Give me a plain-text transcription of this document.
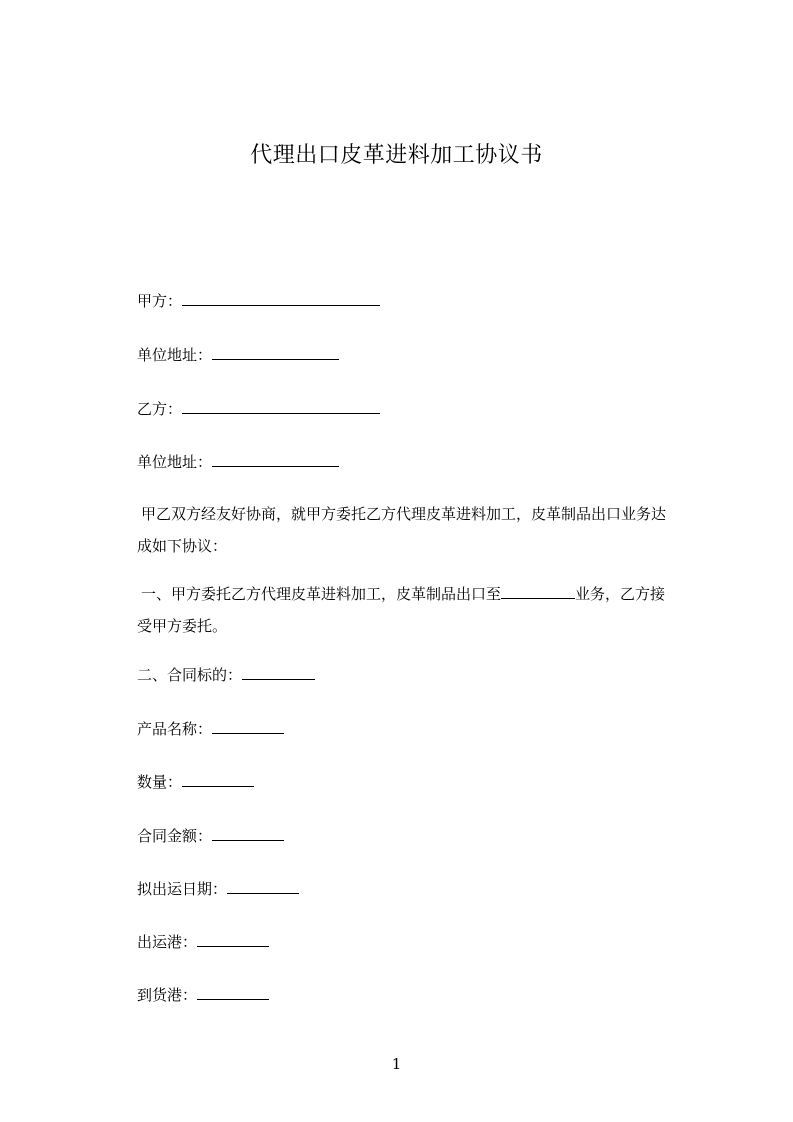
代理出口皮革进料加工协议书
甲方：
单位地址：
乙方：
单位地址：
甲乙双方经友好协商，就甲方委托乙方代理皮革进料加工，皮革制品出口业务达
成如下协议：
一、甲方委托乙方代理皮革进料加工，皮革制品出口至	业务，乙方接
受甲方委托。
二、合同标的：
产品名称：
数量：
合同金额：
拟出运日期：
出运港：
到货港：
1
